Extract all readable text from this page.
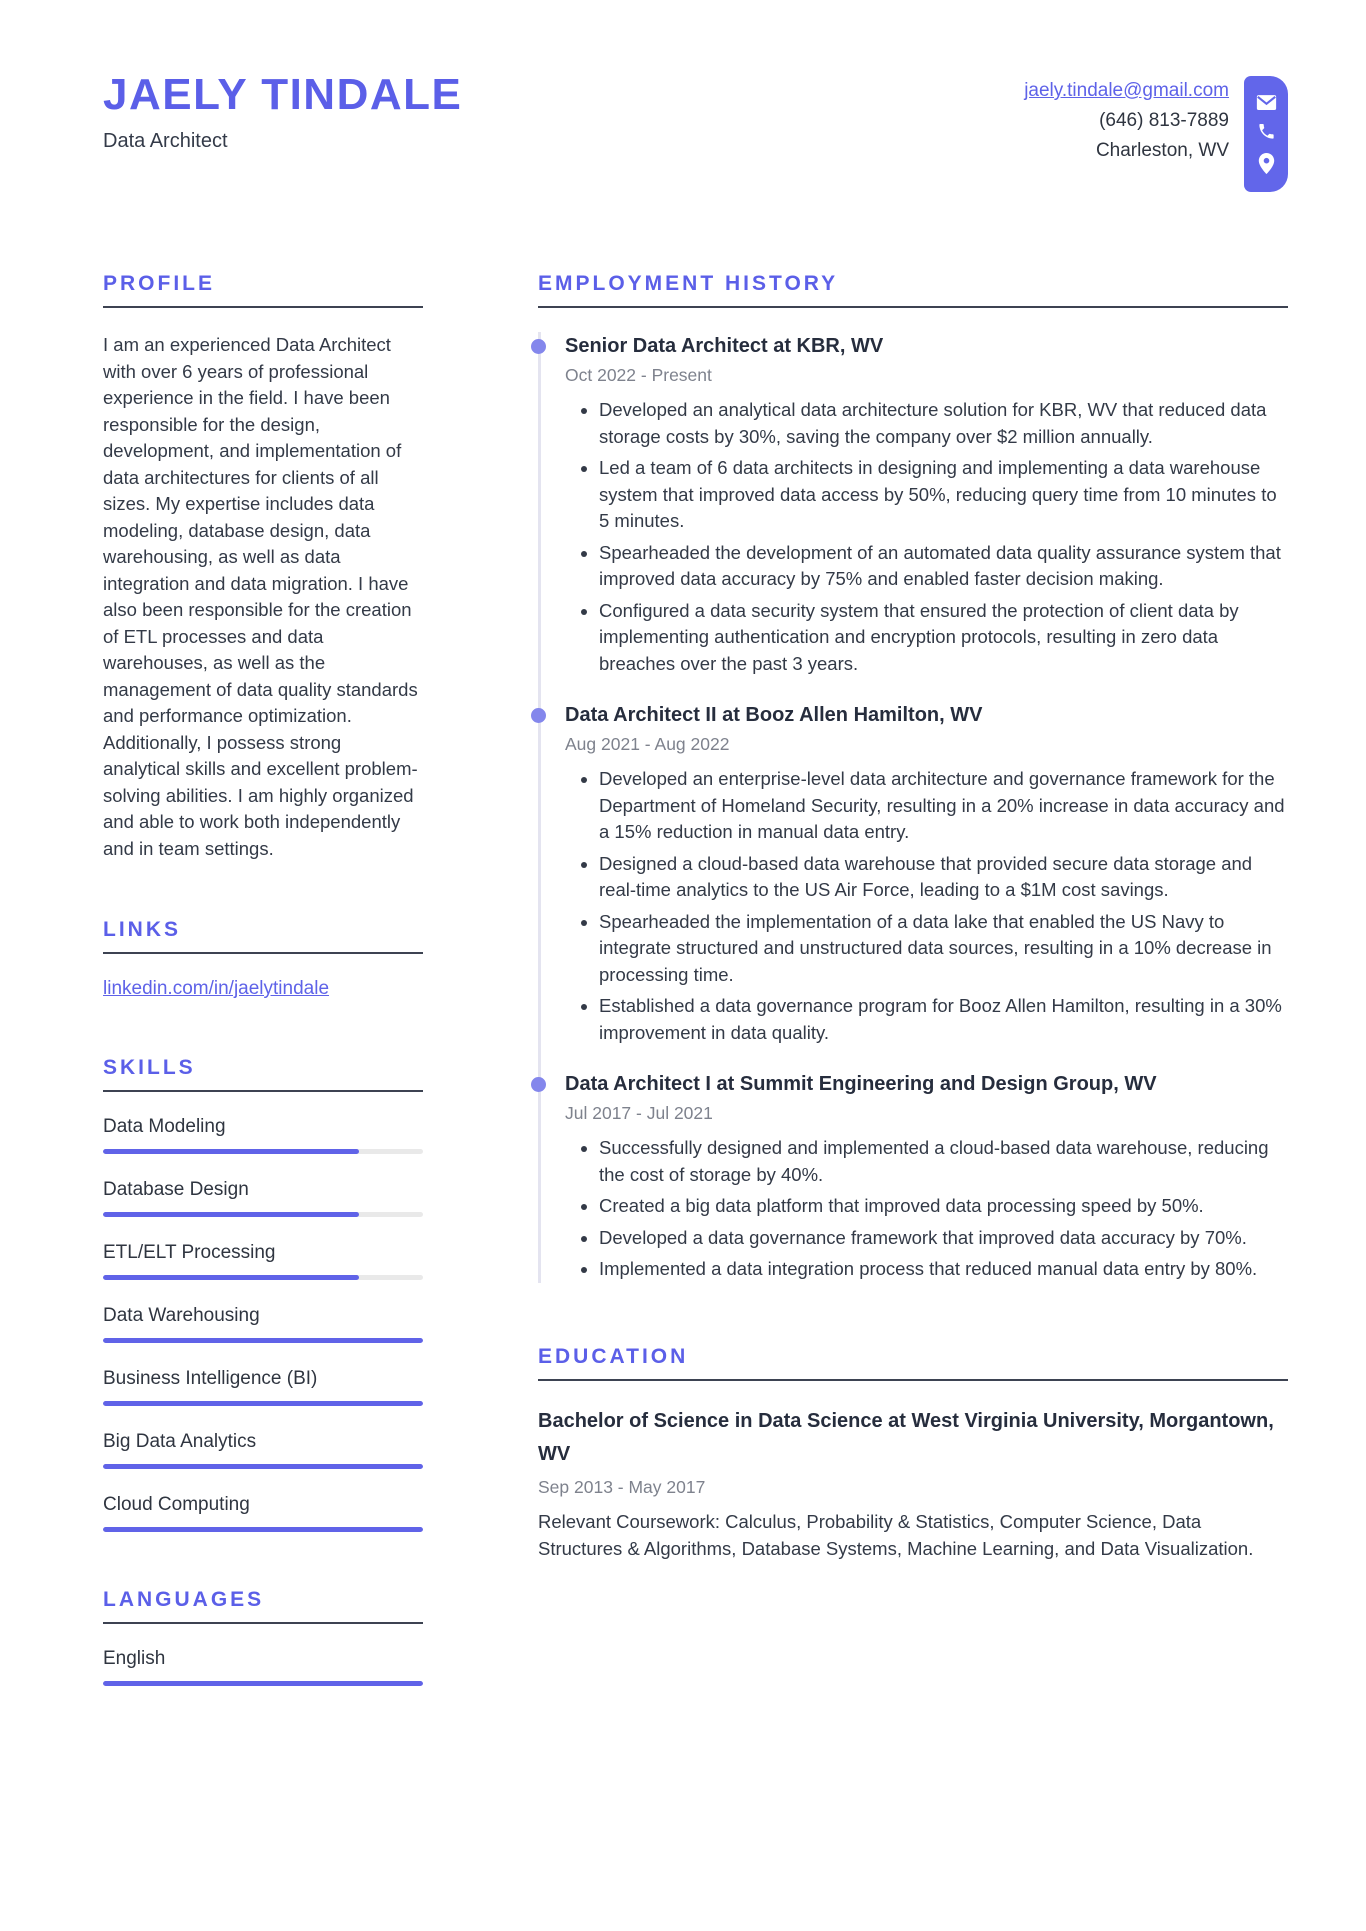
JAELY TINDALE
Data Architect
jaely.tindale@gmail.com
(646) 813-7889
Charleston, WV
PROFILE

I am an experienced Data Architect with over 6 years of professional experience in the field. I have been responsible for the design, development, and implementation of data architectures for clients of all sizes. My expertise includes data modeling, database design, data warehousing, as well as data integration and data migration. I have also been responsible for the creation of ETL processes and data warehouses, as well as the management of data quality standards and performance optimization. Additionally, I possess strong analytical skills and excellent problem-solving abilities. I am highly organized and able to work both independently and in team settings.

LINKS
linkedin.com/in/jaelytindale
SKILLS
Data Modeling
Database Design
ETL/ELT Processing
Data Warehousing
Business Intelligence (BI)
Big Data Analytics
Cloud Computing
LANGUAGES
English
EMPLOYMENT HISTORY
Senior Data Architect at KBR, WV
Oct 2022 - Present
• Developed an analytical data architecture solution for KBR, WV that reduced data storage costs by 30%, saving the company over $2 million annually.
• Led a team of 6 data architects in designing and implementing a data warehouse system that improved data access by 50%, reducing query time from 10 minutes to 5 minutes.
• Spearheaded the development of an automated data quality assurance system that improved data accuracy by 75% and enabled faster decision making.
• Configured a data security system that ensured the protection of client data by implementing authentication and encryption protocols, resulting in zero data breaches over the past 3 years.
Data Architect II at Booz Allen Hamilton, WV
Aug 2021 - Aug 2022
• Developed an enterprise-level data architecture and governance framework for the Department of Homeland Security, resulting in a 20% increase in data accuracy and a 15% reduction in manual data entry.
• Designed a cloud-based data warehouse that provided secure data storage and real-time analytics to the US Air Force, leading to a $1M cost savings.
• Spearheaded the implementation of a data lake that enabled the US Navy to integrate structured and unstructured data sources, resulting in a 10% decrease in processing time.
• Established a data governance program for Booz Allen Hamilton, resulting in a 30% improvement in data quality.
Data Architect I at Summit Engineering and Design Group, WV
Jul 2017 - Jul 2021
• Successfully designed and implemented a cloud-based data warehouse, reducing the cost of storage by 40%.
• Created a big data platform that improved data processing speed by 50%.
• Developed a data governance framework that improved data accuracy by 70%.
• Implemented a data integration process that reduced manual data entry by 80%.
EDUCATION
Bachelor of Science in Data Science at West Virginia University, Morgantown, WV
Sep 2013 - May 2017

Relevant Coursework: Calculus, Probability & Statistics, Computer Science, Data Structures & Algorithms, Database Systems, Machine Learning, and Data Visualization.
